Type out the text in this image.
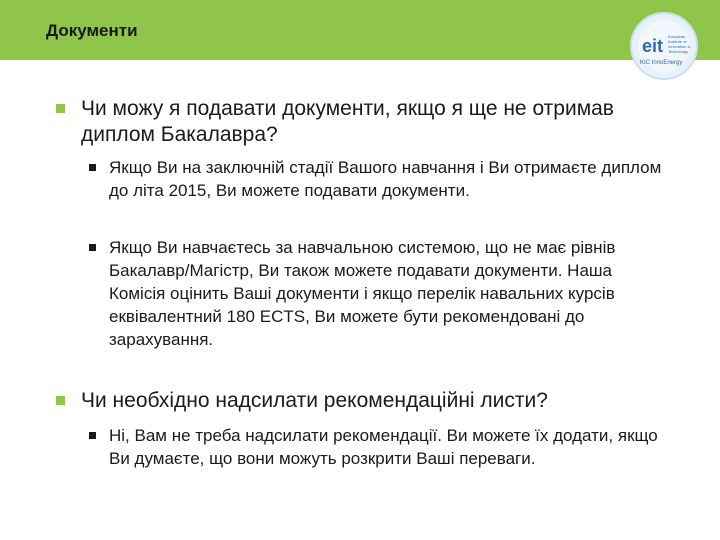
Документи
eit European
Institute of
Innovation &
Technology
KIC InnoEnergy
Чи можу я подавати документи, якщо я ще не отримав диплом Бакалавра?
Якщо Ви на заключній стадії Вашого навчання і Ви отримаєте диплом до літа 2015, Ви можете подавати документи.
Якщо Ви навчаєтесь за навчальною системою, що не має рівнів Бакалавр/Магістр, Ви також можете подавати документи. Наша Комісія оцінить Ваші документи і якщо перелік навальних курсів еквівалентний 180 ECTS, Ви можете бути рекомендовані до зарахування.
Чи необхідно надсилати рекомендаційні листи?
Ні, Вам не треба надсилати рекомендації. Ви можете їх додати, якщо Ви думаєте, що вони можуть розкрити Ваші переваги.
